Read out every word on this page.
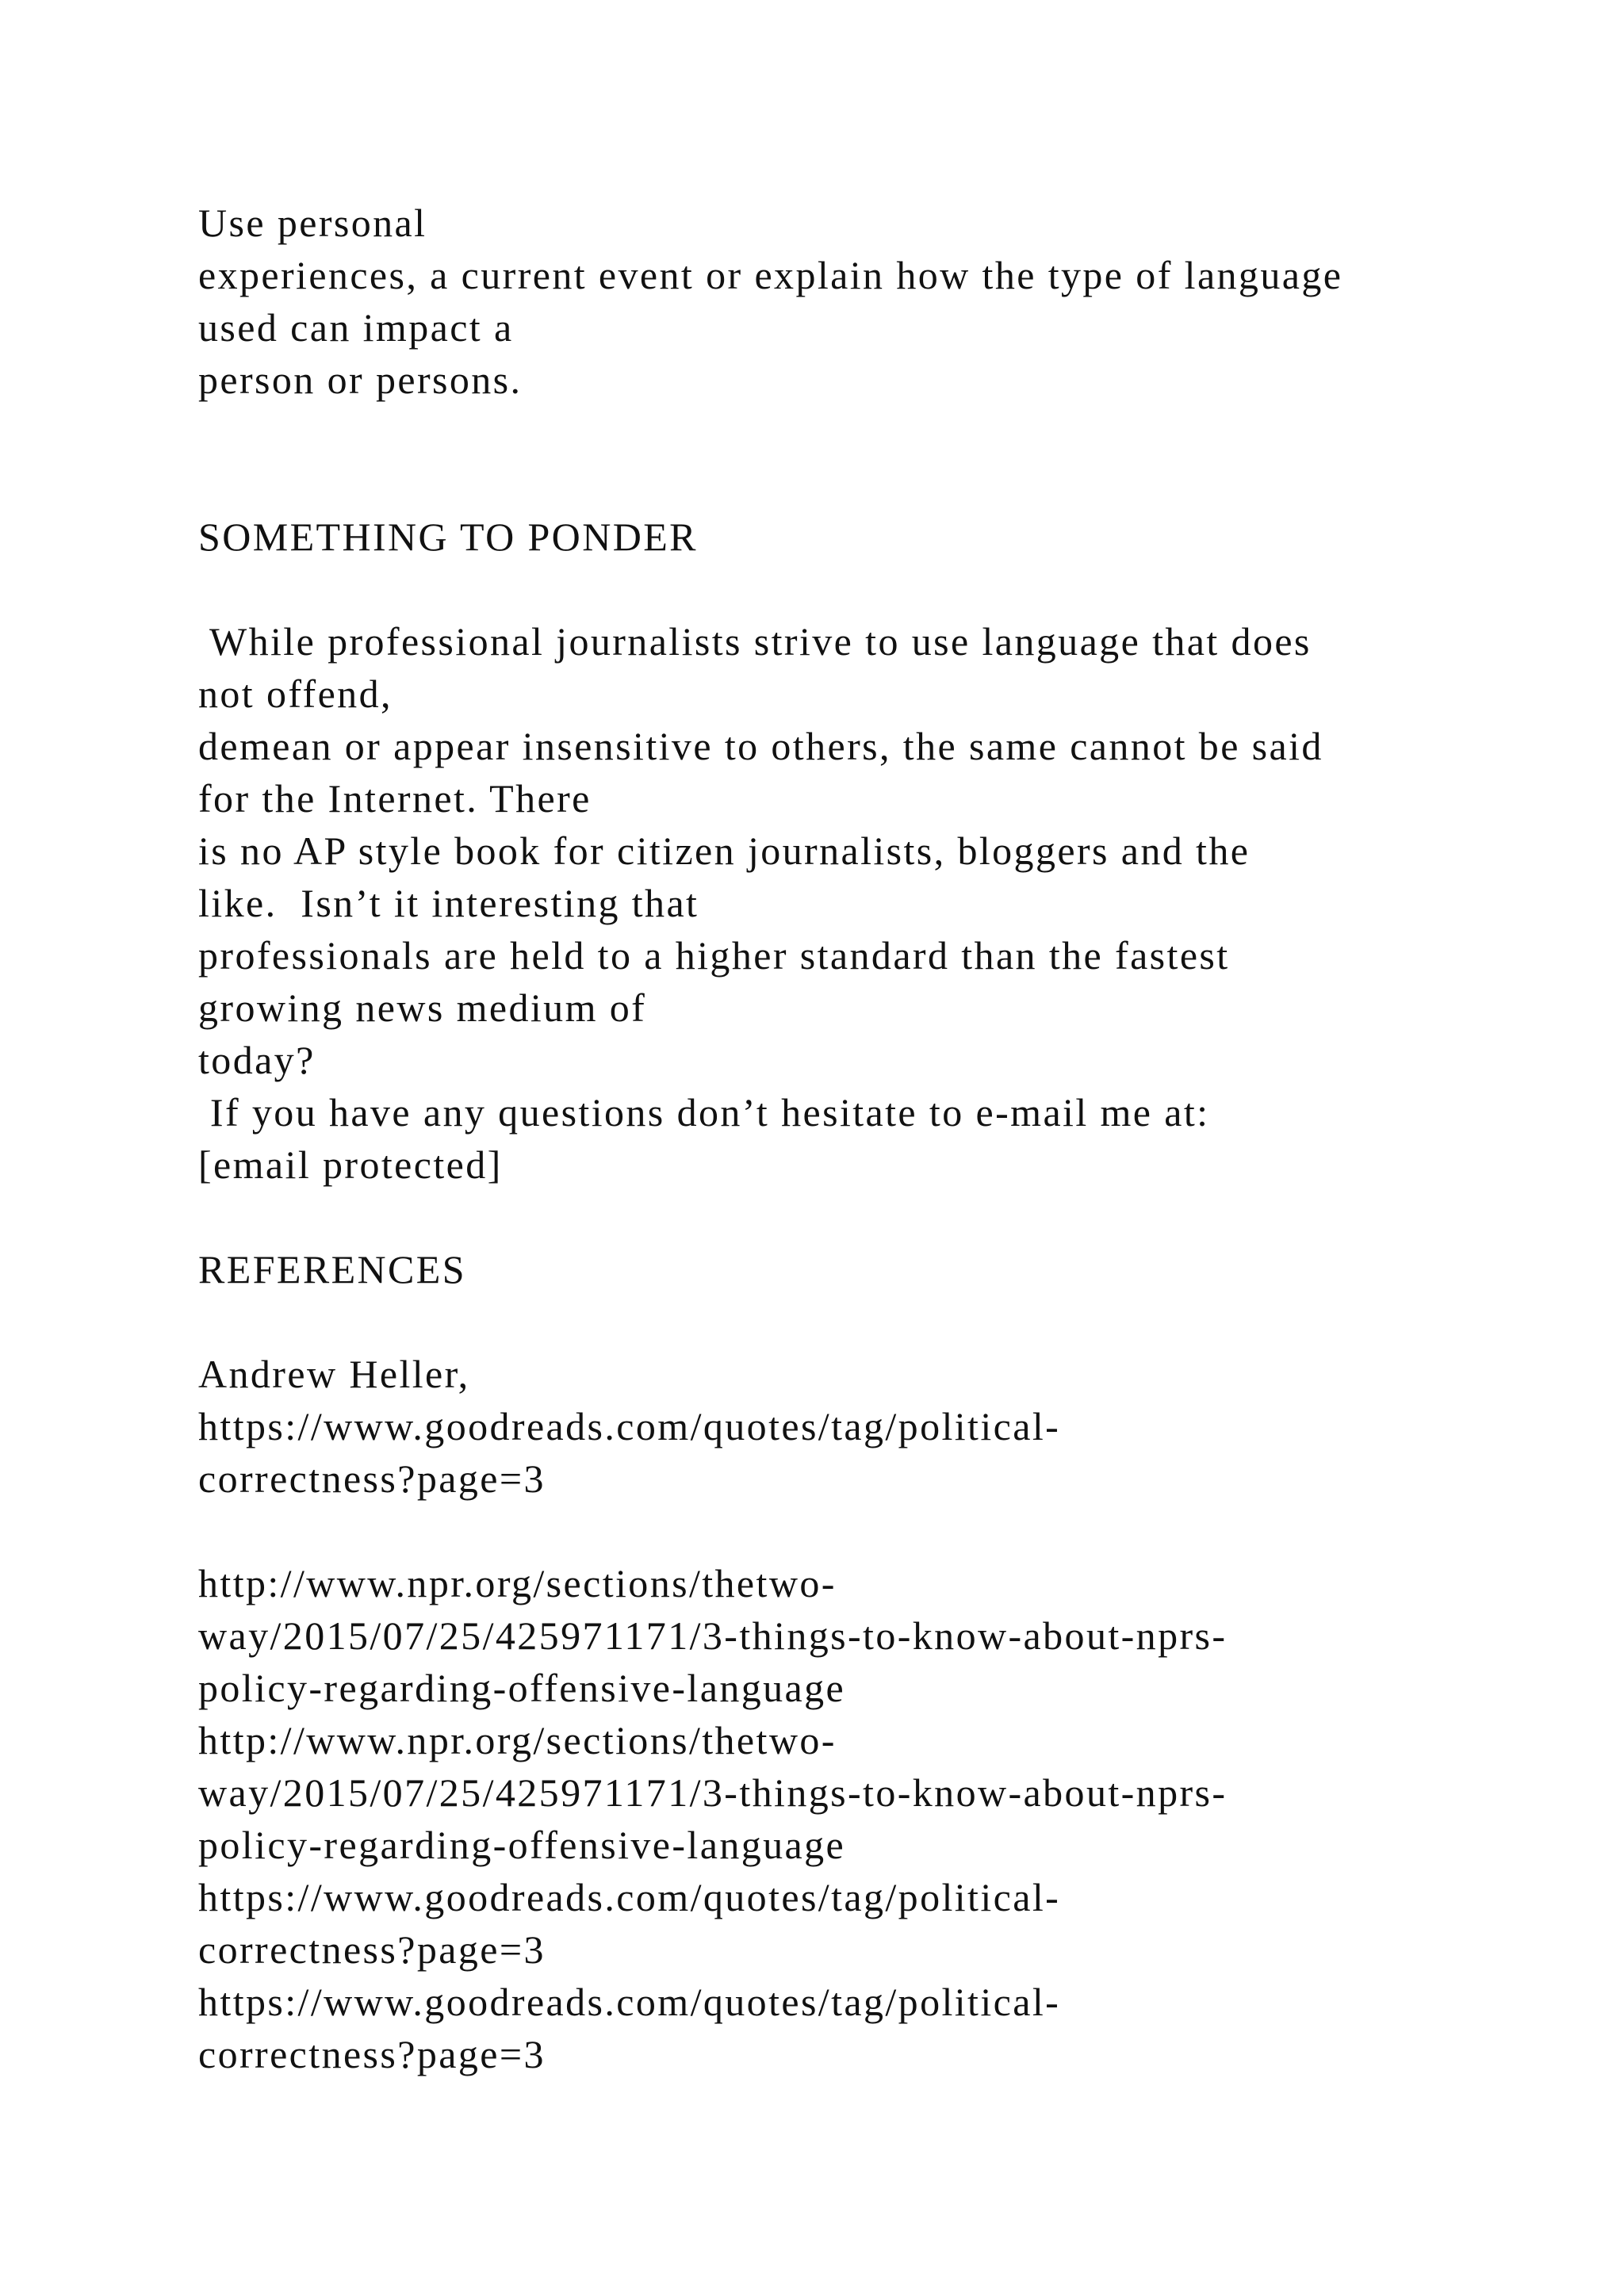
Use personal

experiences, a current event or explain how the type of language

used can impact a

person or persons.

SOMETHING TO PONDER

While professional journalists strive to use language that does

not offend,

demean or appear insensitive to others, the same cannot be said

for the Internet. There

is no AP style book for citizen journalists, bloggers and the

like.  Isn’t it interesting that

professionals are held to a higher standard than the fastest

growing news medium of

today?

If you have any questions don’t hesitate to e-mail me at:

[email protected]

REFERENCES

Andrew Heller,

https://www.goodreads.com/quotes/tag/political-

correctness?page=3

http://www.npr.org/sections/thetwo-

way/2015/07/25/425971171/3-things-to-know-about-nprs-

policy-regarding-offensive-language

http://www.npr.org/sections/thetwo-

way/2015/07/25/425971171/3-things-to-know-about-nprs-

policy-regarding-offensive-language

https://www.goodreads.com/quotes/tag/political-

correctness?page=3

https://www.goodreads.com/quotes/tag/political-

correctness?page=3
